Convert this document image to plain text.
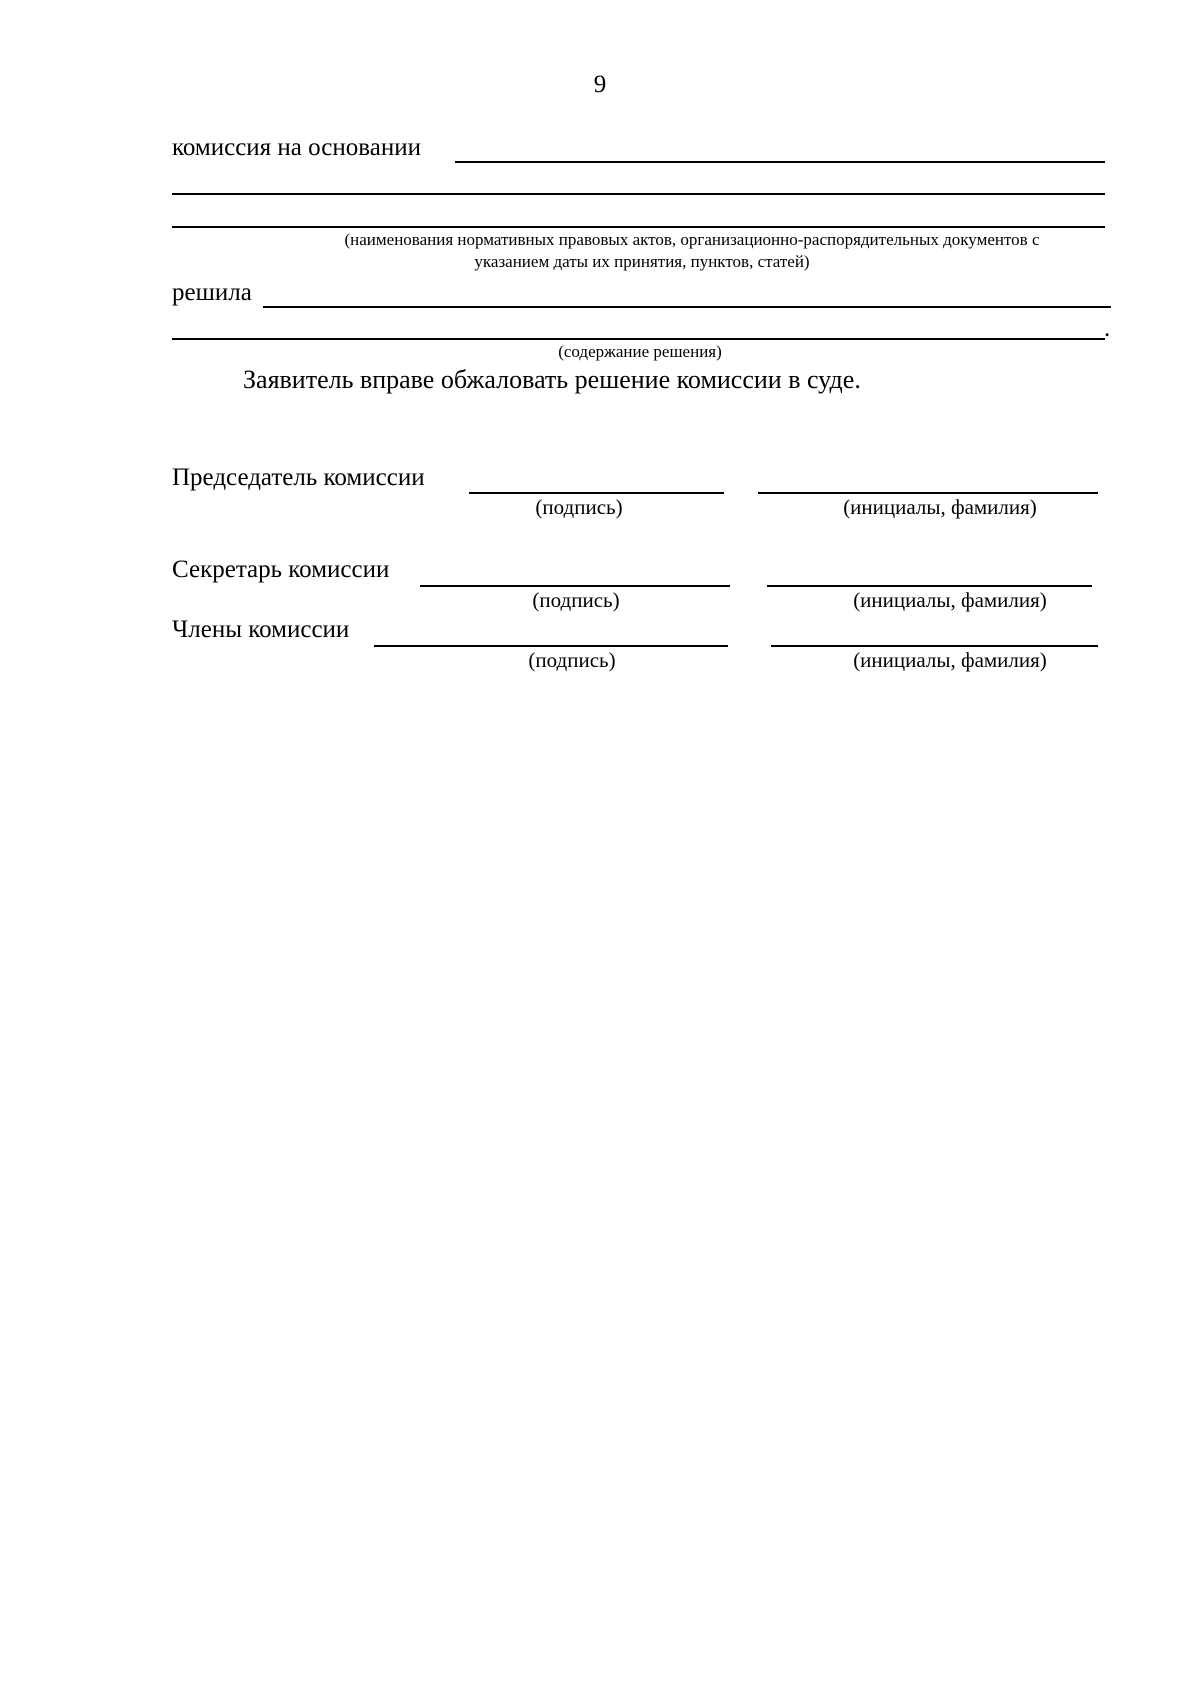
9
комиссия на основании
(наименования нормативных правовых актов, организационно-распорядительных документов с
указанием даты их принятия, пунктов, статей)
решила
.
(содержание решения)
Заявитель вправе обжаловать решение комиссии в суде.
Председатель комиссии
(подпись)	(инициалы, фамилия)
Секретарь комиссии
(подпись)	(инициалы, фамилия)
Члены комиссии
(подпись)	(инициалы, фамилия)
